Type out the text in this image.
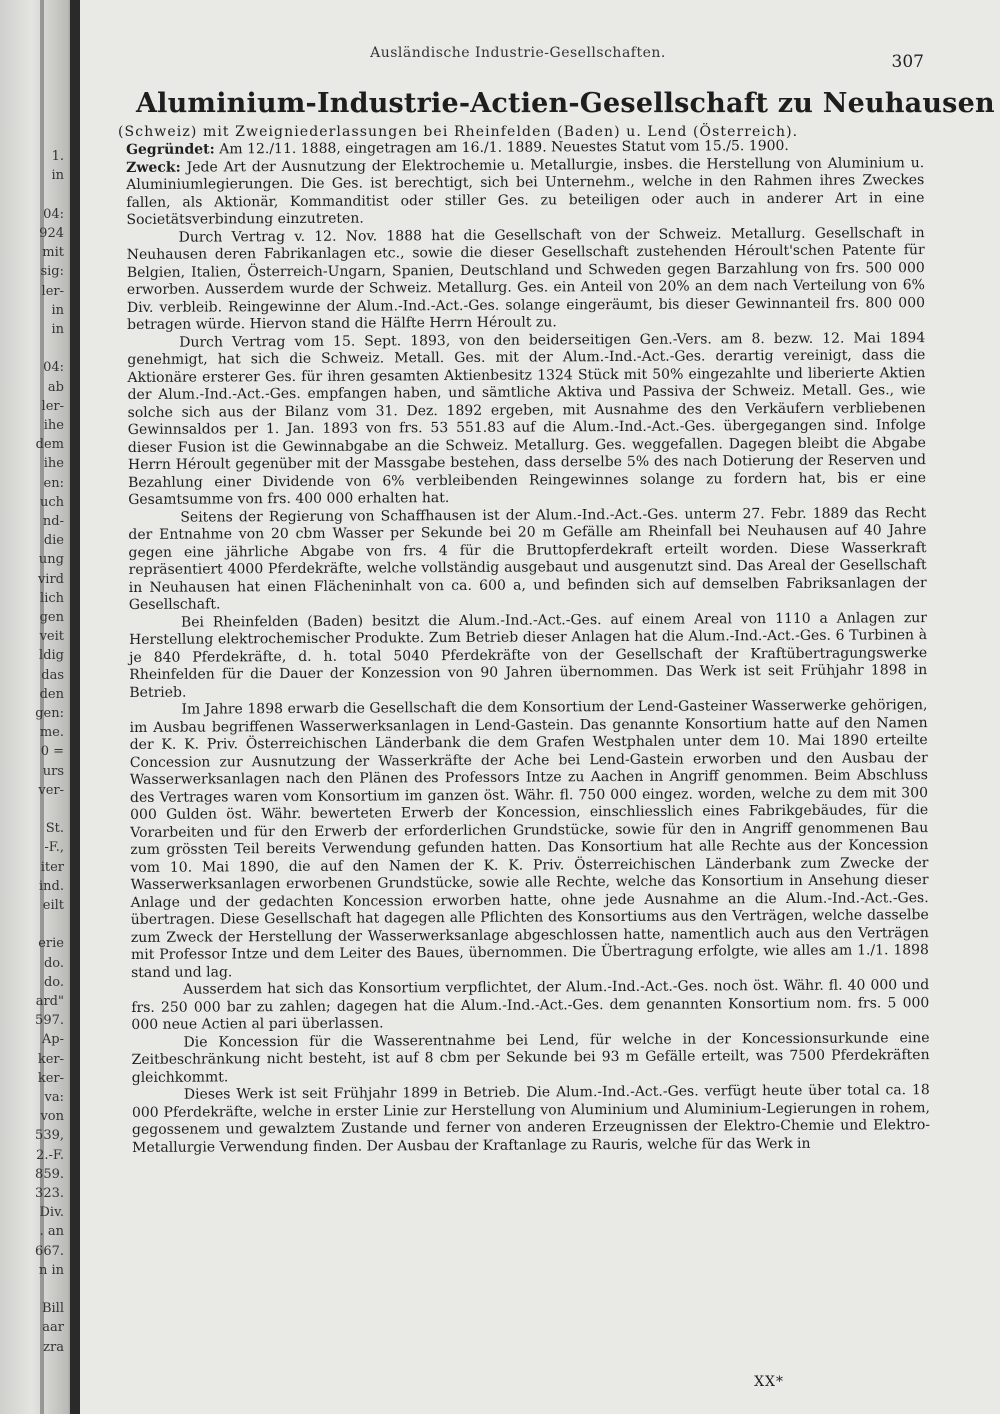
1.
in
04:
924
mit
sig:
ler-
in
in
04:
ab
ler-
ihe
dem
ihe
en:
uch
nd-
die
ung
vird
lich
gen
veit
ldig
das
den
gen:
me.
0 =
urs
ver-
St.
-F.,
iter
ind.
eilt
erie
do.
do.
ard"
597.
Ap-
ker-
ker-
va:
von
539,
2.-F.
859.
323.
Div.
. an
667.
n in
Bill
aar
zra
Ausländische Industrie-Gesellschaften.	307
Aluminium-Industrie-Actien-Gesellschaft zu Neuhausen
(Schweiz) mit Zweigniederlassungen bei Rheinfelden (Baden) u. Lend (Österreich).

Gegründet: Am 12./11. 1888, eingetragen am 16./1. 1889. Neuestes Statut vom 15./5. 1900.

Zweck: Jede Art der Ausnutzung der Elektrochemie u. Metallurgie, insbes. die Herstellung von Aluminium u. Aluminiumlegierungen. Die Ges. ist berechtigt, sich bei Unternehm., welche in den Rahmen ihres Zweckes fallen, als Aktionär, Kommanditist oder stiller Ges. zu beteiligen oder auch in anderer Art in eine Societätsverbindung einzutreten.

Durch Vertrag v. 12. Nov. 1888 hat die Gesellschaft von der Schweiz. Metallurg. Gesellschaft in Neuhausen deren Fabrikanlagen etc., sowie die dieser Gesellschaft zustehenden Héroult'schen Patente für Belgien, Italien, Österreich-Ungarn, Spanien, Deutschland und Schweden gegen Barzahlung von frs. 500 000 erworben. Ausserdem wurde der Schweiz. Metallurg. Ges. ein Anteil von 20% an dem nach Verteilung von 6% Div. verbleib. Reingewinne der Alum.-Ind.-Act.-Ges. solange eingeräumt, bis dieser Gewinnanteil frs. 800 000 betragen würde. Hiervon stand die Hälfte Herrn Héroult zu.

Durch Vertrag vom 15. Sept. 1893, von den beiderseitigen Gen.-Vers. am 8. bezw. 12. Mai 1894 genehmigt, hat sich die Schweiz. Metall. Ges. mit der Alum.-Ind.-Act.-Ges. derartig vereinigt, dass die Aktionäre ersterer Ges. für ihren gesamten Aktienbesitz 1324 Stück mit 50% eingezahlte und liberierte Aktien der Alum.-Ind.-Act.-Ges. empfangen haben, und sämtliche Aktiva und Passiva der Schweiz. Metall. Ges., wie solche sich aus der Bilanz vom 31. Dez. 1892 ergeben, mit Ausnahme des den Verkäufern verbliebenen Gewinnsaldos per 1. Jan. 1893 von frs. 53 551.83 auf die Alum.-Ind.-Act.-Ges. übergegangen sind. Infolge dieser Fusion ist die Gewinnabgabe an die Schweiz. Metallurg. Ges. weggefallen. Dagegen bleibt die Abgabe Herrn Héroult gegenüber mit der Massgabe bestehen, dass derselbe 5% des nach Dotierung der Reserven und Bezahlung einer Dividende von 6% verbleibenden Reingewinnes solange zu fordern hat, bis er eine Gesamtsumme von frs. 400 000 erhalten hat.

Seitens der Regierung von Schaffhausen ist der Alum.-Ind.-Act.-Ges. unterm 27. Febr. 1889 das Recht der Entnahme von 20 cbm Wasser per Sekunde bei 20 m Gefälle am Rheinfall bei Neuhausen auf 40 Jahre gegen eine jährliche Abgabe von frs. 4 für die Bruttopferdekraft erteilt worden. Diese Wasserkraft repräsentiert 4000 Pferdekräfte, welche vollständig ausgebaut und ausgenutzt sind. Das Areal der Gesellschaft in Neuhausen hat einen Flächeninhalt von ca. 600 a, und befinden sich auf demselben Fabriksanlagen der Gesellschaft.

Bei Rheinfelden (Baden) besitzt die Alum.-Ind.-Act.-Ges. auf einem Areal von 1110 a Anlagen zur Herstellung elektrochemischer Produkte. Zum Betrieb dieser Anlagen hat die Alum.-Ind.-Act.-Ges. 6 Turbinen à je 840 Pferdekräfte, d. h. total 5040 Pferdekräfte von der Gesellschaft der Kraftübertragungswerke Rheinfelden für die Dauer der Konzession von 90 Jahren übernommen. Das Werk ist seit Frühjahr 1898 in Betrieb.

Im Jahre 1898 erwarb die Gesellschaft die dem Konsortium der Lend-Gasteiner Wasserwerke gehörigen, im Ausbau begriffenen Wasserwerksanlagen in Lend-Gastein. Das genannte Konsortium hatte auf den Namen der K. K. Priv. Österreichischen Länderbank die dem Grafen Westphalen unter dem 10. Mai 1890 erteilte Concession zur Ausnutzung der Wasserkräfte der Ache bei Lend-Gastein erworben und den Ausbau der Wasserwerksanlagen nach den Plänen des Professors Intze zu Aachen in Angriff genommen. Beim Abschluss des Vertrages waren vom Konsortium im ganzen öst. Währ. fl. 750 000 eingez. worden, welche zu dem mit 300 000 Gulden öst. Währ. bewerteten Erwerb der Koncession, einschliesslich eines Fabrikgebäudes, für die Vorarbeiten und für den Erwerb der erforderlichen Grundstücke, sowie für den in Angriff genommenen Bau zum grössten Teil bereits Verwendung gefunden hatten. Das Konsortium hat alle Rechte aus der Koncession vom 10. Mai 1890, die auf den Namen der K. K. Priv. Österreichischen Länderbank zum Zwecke der Wasserwerksanlagen erworbenen Grundstücke, sowie alle Rechte, welche das Konsortium in Ansehung dieser Anlage und der gedachten Koncession erworben hatte, ohne jede Ausnahme an die Alum.-Ind.-Act.-Ges. übertragen. Diese Gesellschaft hat dagegen alle Pflichten des Konsortiums aus den Verträgen, welche dasselbe zum Zweck der Herstellung der Wasserwerksanlage abgeschlossen hatte, namentlich auch aus den Verträgen mit Professor Intze und dem Leiter des Baues, übernommen. Die Übertragung erfolgte, wie alles am 1./1. 1898 stand und lag.

Ausserdem hat sich das Konsortium verpflichtet, der Alum.-Ind.-Act.-Ges. noch öst. Währ. fl. 40 000 und frs. 250 000 bar zu zahlen; dagegen hat die Alum.-Ind.-Act.-Ges. dem genannten Konsortium nom. frs. 5 000 000 neue Actien al pari überlassen.

Die Koncession für die Wasserentnahme bei Lend, für welche in der Koncessionsurkunde eine Zeitbeschränkung nicht besteht, ist auf 8 cbm per Sekunde bei 93 m Gefälle erteilt, was 7500 Pferdekräften gleichkommt.

Dieses Werk ist seit Frühjahr 1899 in Betrieb. Die Alum.-Ind.-Act.-Ges. verfügt heute über total ca. 18 000 Pferdekräfte, welche in erster Linie zur Herstellung von Aluminium und Aluminium-Legierungen in rohem, gegossenem und gewalztem Zustande und ferner von anderen Erzeugnissen der Elektro-Chemie und Elektro-Metallurgie Verwendung finden. Der Ausbau der Kraftanlage zu Rauris, welche für das Werk in

XX*
